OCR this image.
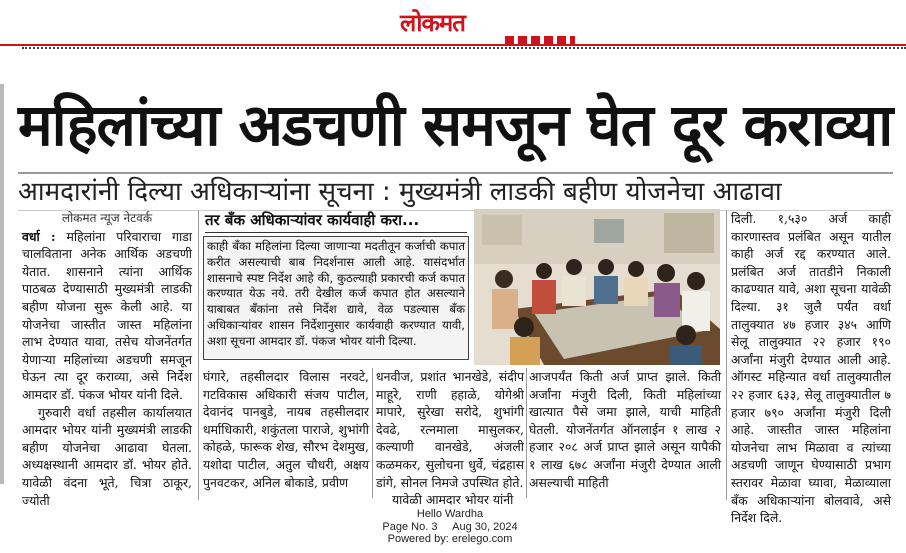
लोकमत
महिलांच्या अडचणी समजून घेत दूर कराव्या
आमदारांनी दिल्या अधिकाऱ्यांना सूचना : मुख्यमंत्री लाडकी बहीण योजनेचा आढावा
लोकमत न्यूज नेटवर्क
वर्धा : महिलांना परिवाराचा गाडा चालविताना अनेक आर्थिक अडचणी येतात. शासनाने त्यांना आर्थिक पाठबळ देण्यासाठी मुख्यमंत्री लाडकी बहीण योजना सुरू केली आहे. या योजनेचा जास्तीत जास्त महिलांना लाभ देण्यात यावा, तसेच योजनेंतर्गत येणाऱ्या महिलांच्या अडचणी समजून घेऊन त्या दूर कराव्या, असे निर्देश आमदार डॉ. पंकज भोयर यांनी दिले.
गुरुवारी वर्धा तहसील कार्यालयात आमदार भोयर यांनी मुख्यमंत्री लाडकी बहीण योजनेचा आढावा घेतला. अध्यक्षस्थानी आमदार डॉ. भोयर होते. यावेळी वंदना भूते, चित्रा ठाकूर, ज्योती
तर बँक अधिकाऱ्यांवर कार्यवाही करा...
काही बँका महिलांना दिल्या जाणाऱ्या मदतीतून कर्जाची कपात करीत असल्याची बाब निदर्शनास आली आहे. यासंदर्भात शासनाचे स्पष्ट निर्देश आहे की, कुठल्याही प्रकारची कर्ज कपात करण्यात येऊ नये. तरी देखील कर्ज कपात होत असल्याने याबाबत बँकांना तसे निर्देश द्यावे, वेळ पडल्यास बँक अधिकाऱ्यांवर शासन निर्देशानुसार कार्यवाही करण्यात यावी, अशा सूचना आमदार डॉ. पंकज भोयर यांनी दिल्या.
घंगारे, तहसीलदार विलास नरवटे, गटविकास अधिकारी संजय पाटील, देवानंद पानबुडे, नायब तहसीलदार धर्माधिकारी, शकुंतला पाराजे, शुभांगी कोहळे, फारूक शेख, सौरभ देशमुख, यशोदा पाटील, अतुल चौधरी, अक्षय पुनवटकर, अनिल बोकाडे, प्रवीण
धनवीज, प्रशांत भानखेडे, संदीप माहूरे, राणी हहाळे, योगेश्री मापारे, सुरेखा सरोदे, शुभांगी देवढे, रत्नमाला मासुलकर, कल्याणी वानखेडे, अंजली कळमकर, सुलोचना धुर्वे, चंद्रहास डांगे, सोनल निमजे उपस्थित होते.
यावेळी आमदार भोयर यांनी
आजपर्यंत किती अर्ज प्राप्त झाले. किती अर्जांना मंजुरी दिली, किती महिलांच्या खात्यात पैसे जमा झाले, याची माहिती घेतली. योजनेंतर्गत ऑनलाईन १ लाख २ हजार २०८ अर्ज प्राप्त झाले असून यापैकी १ लाख ६७८ अर्जांना मंजुरी देण्यात आली असल्याची माहिती
दिली. १,५३० अर्ज काही कारणास्तव प्रलंबित असून यातील काही अर्ज रद्द करण्यात आले. प्रलंबित अर्ज तातडीने निकाली काढण्यात यावे, अशा सूचना यावेळी दिल्या. ३१ जुलै पर्यंत वर्धा तालुक्यात ४७ हजार ३४५ आणि सेलू तालुक्यात २२ हजार १९० अर्जांना मंजुरी देण्यात आली आहे. ऑगस्ट महिन्यात वर्धा तालुक्यातील २२ हजार ६३३, सेलू तालुक्यातील ७ हजार ७९० अर्जांना मंजुरी दिली आहे. जास्तीत जास्त महिलांना योजनेचा लाभ मिळावा व त्यांच्या अडचणी जाणून घेण्यासाठी प्रभाग स्तरावर मेळावा घ्यावा, मेळाव्याला बँक अधिकाऱ्यांना बोलवावे, असे निर्देश दिले.
Hello Wardha
Page No. 3     Aug 30, 2024
Powered by: erelego.com
